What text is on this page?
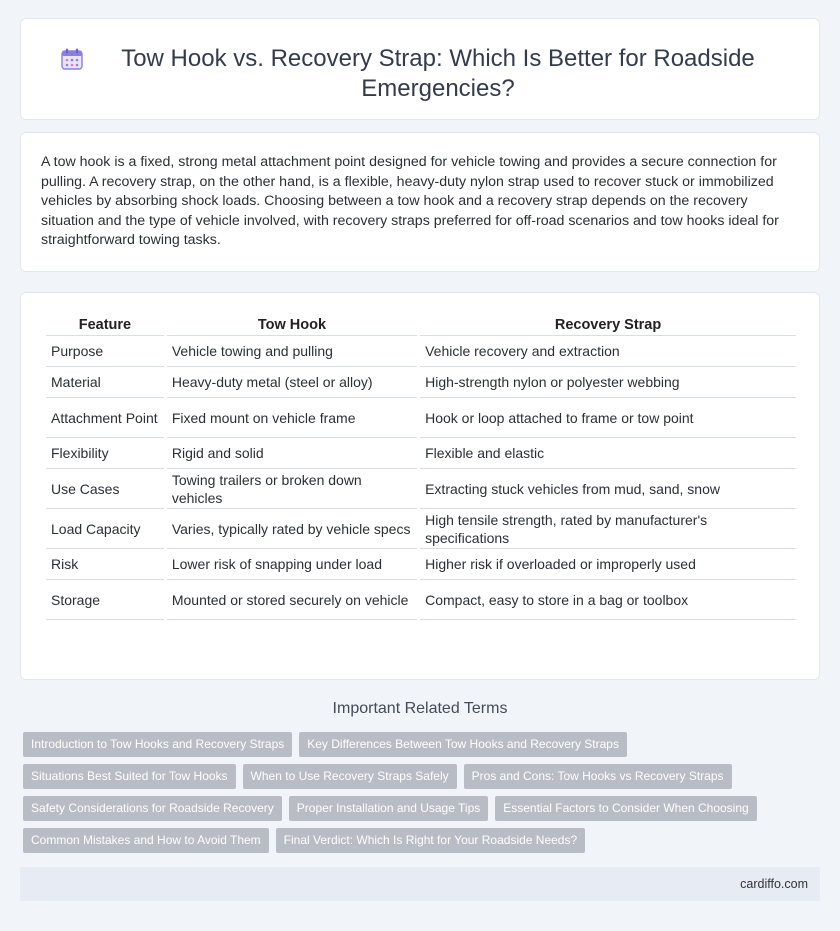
Tow Hook vs. Recovery Strap: Which Is Better for Roadside Emergencies?

A tow hook is a fixed, strong metal attachment point designed for vehicle towing and provides a secure connection for pulling. A recovery strap, on the other hand, is a flexible, heavy-duty nylon strap used to recover stuck or immobilized vehicles by absorbing shock loads. Choosing between a tow hook and a recovery strap depends on the recovery situation and the type of vehicle involved, with recovery straps preferred for off-road scenarios and tow hooks ideal for straightforward towing tasks.

Feature	Tow Hook	Recovery Strap
Purpose	Vehicle towing and pulling	Vehicle recovery and extraction
Material	Heavy-duty metal (steel or alloy)	High-strength nylon or polyester webbing
Attachment Point	Fixed mount on vehicle frame	Hook or loop attached to frame or tow point
Flexibility	Rigid and solid	Flexible and elastic
Use Cases	Towing trailers or broken down vehicles	Extracting stuck vehicles from mud, sand, snow
Load Capacity	Varies, typically rated by vehicle specs	High tensile strength, rated by manufacturer's specifications
Risk	Lower risk of snapping under load	Higher risk if overloaded or improperly used
Storage	Mounted or stored securely on vehicle	Compact, easy to store in a bag or toolbox
Important Related Terms
Introduction to Tow Hooks and Recovery Straps	Key Differences Between Tow Hooks and Recovery Straps
Situations Best Suited for Tow Hooks	When to Use Recovery Straps Safely	Pros and Cons: Tow Hooks vs Recovery Straps
Safety Considerations for Roadside Recovery	Proper Installation and Usage Tips	Essential Factors to Consider When Choosing
Common Mistakes and How to Avoid Them	Final Verdict: Which Is Right for Your Roadside Needs?
cardiffo.com
